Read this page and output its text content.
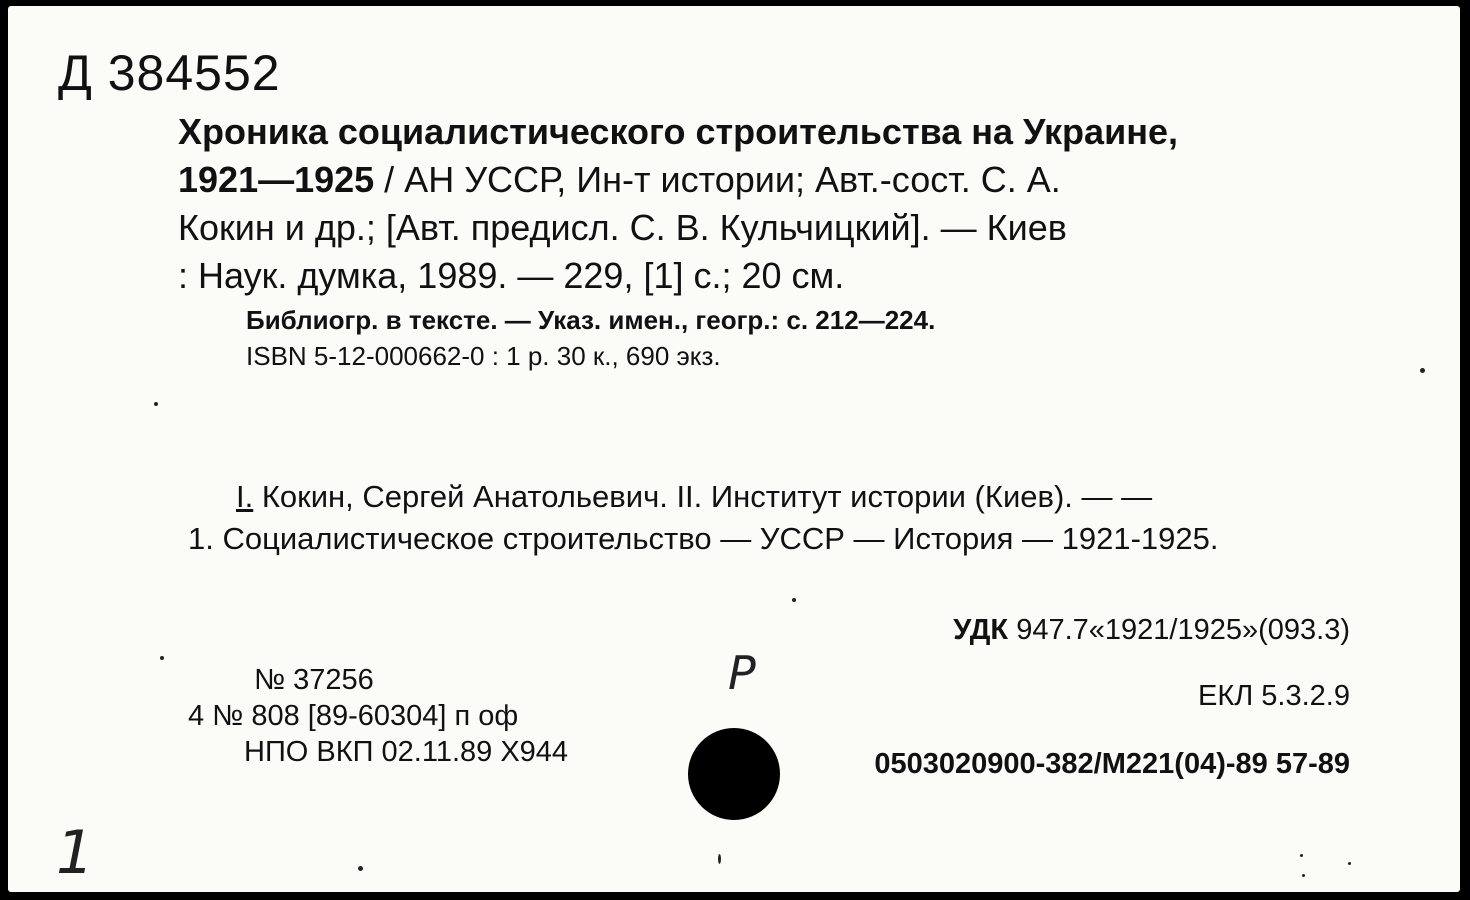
Д 384552

Хроника социалистического строительства на Украине,

1921—1925 / АН УССР, Ин-т истории; Авт.-сост. С. А.

Кокин и др.; [Авт. предисл. С. В. Кульчицкий]. — Киев

: Наук. думка, 1989. — 229, [1] с.; 20 см.

Библиогр. в тексте. — Указ. имен., геогр.: с. 212—224.

ISBN 5-12-000662-0 : 1 р. 30 к., 690 экз.

I. Кокин, Сергей Анатольевич. II. Институт истории (Киев). — —

1. Социалистическое строительство — УССР — История — 1921-1925.

УДК 947.7«1921/1925»(093.3)
ЕКЛ 5.3.2.9

№ 37256

4 № 808 [89-60304] п оф

НПО ВКП 02.11.89 Х944	0503020900-382/М221(04)-89 57-89
1
Р
